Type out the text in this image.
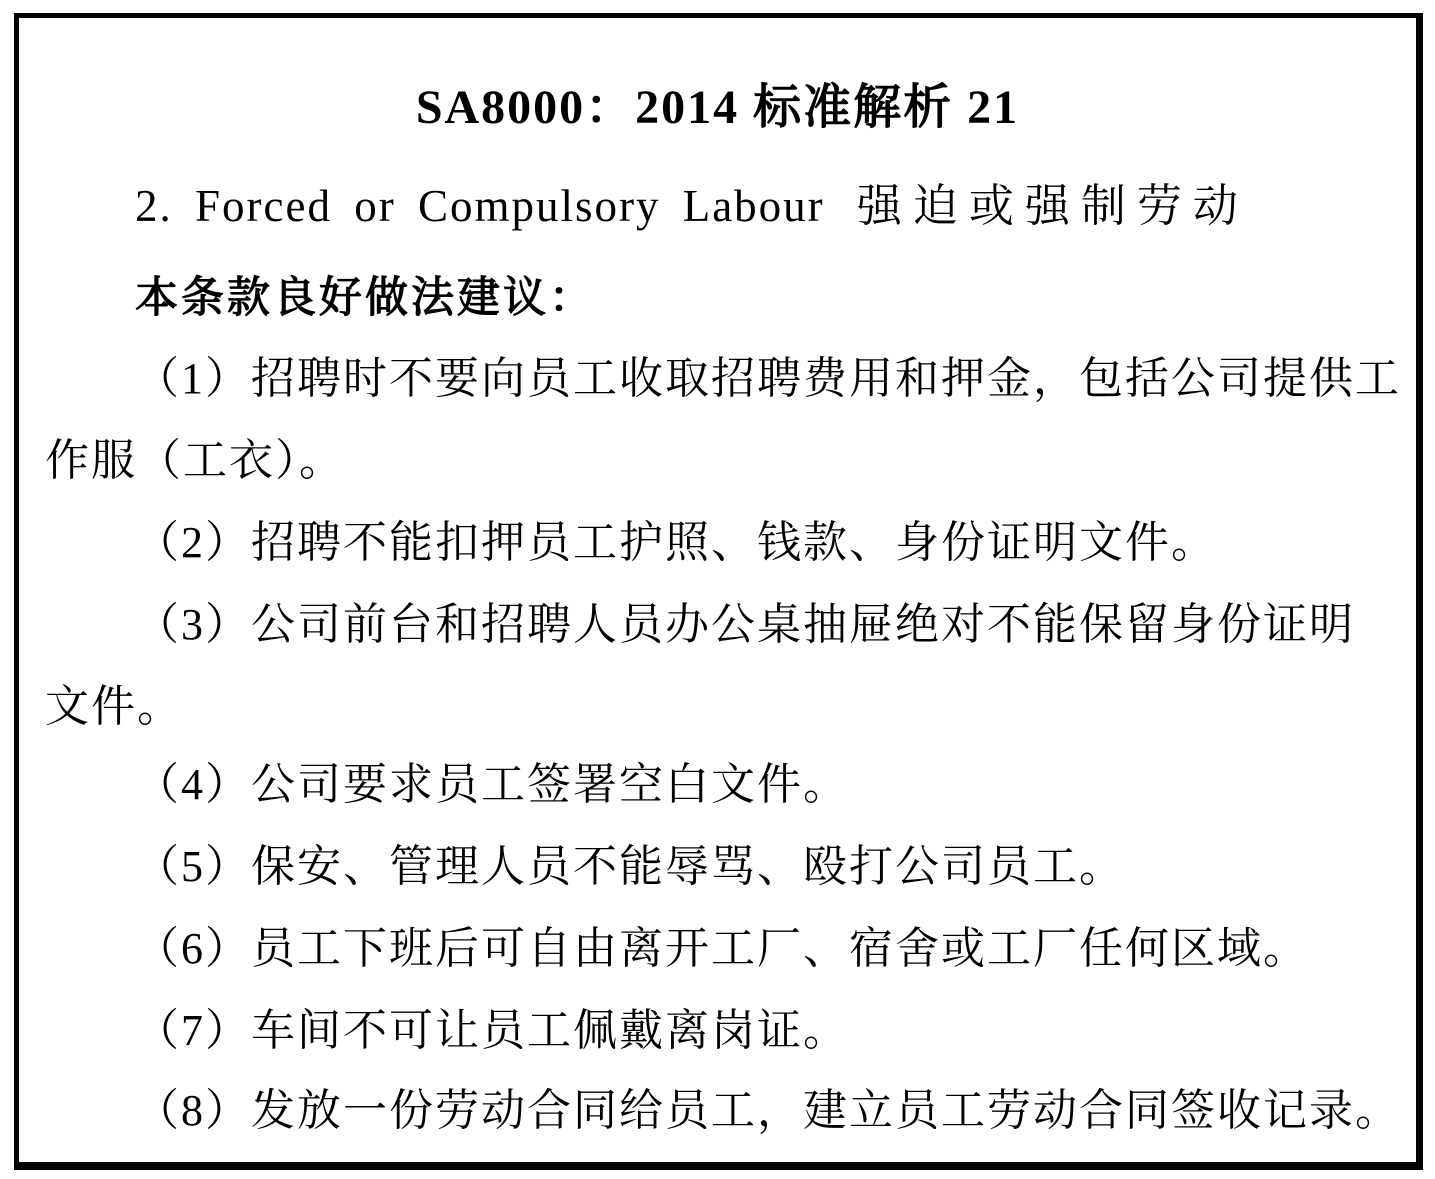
SA8000：2014 标准解析 21
2. Forced or Compulsory Labour 强迫或强制劳动
本条款良好做法建议：
（1）招聘时不要向员工收取招聘费用和押金，包括公司提供工
作服（工衣）。
（2）招聘不能扣押员工护照、钱款、身份证明文件。
（3）公司前台和招聘人员办公桌抽屉绝对不能保留身份证明
文件。
（4）公司要求员工签署空白文件。
（5）保安、管理人员不能辱骂、殴打公司员工。
（6）员工下班后可自由离开工厂、宿舍或工厂任何区域。
（7）车间不可让员工佩戴离岗证。
（8）发放一份劳动合同给员工，建立员工劳动合同签收记录。
